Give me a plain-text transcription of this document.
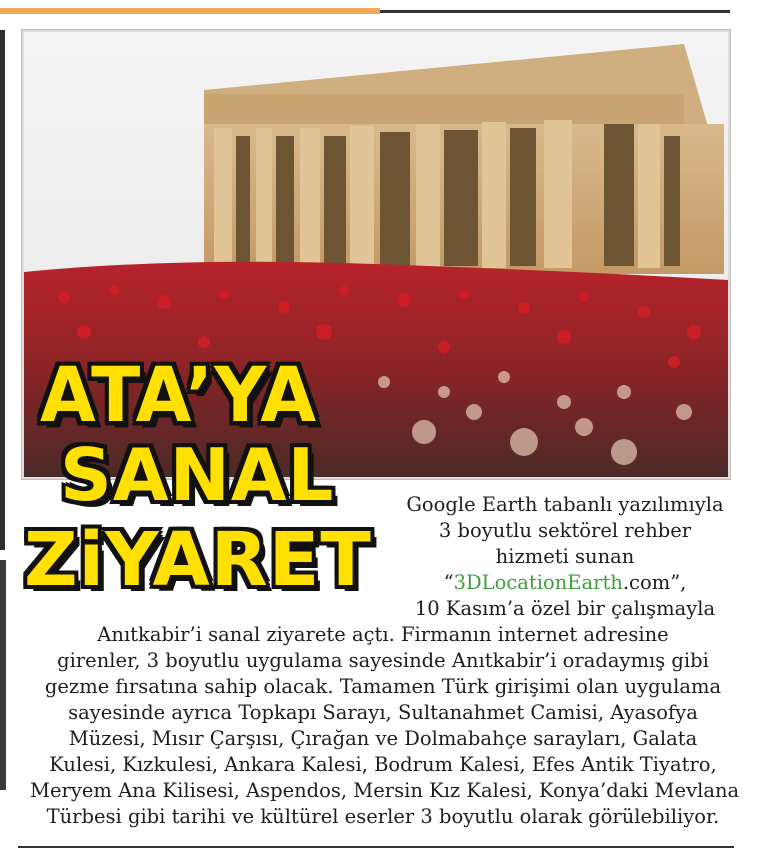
ATA’YA
SANAL
ZiYARET
Google Earth tabanlı yazılımıyla
3 boyutlu sektörel rehber
hizmeti sunan
“3DLocationEarth.com”,
10 Kasım’a özel bir çalışmayla
Anıtkabir’i sanal ziyarete açtı. Firmanın internet adresine
girenler, 3 boyutlu uygulama sayesinde Anıtkabir’i oradaymış gibi
gezme fırsatına sahip olacak. Tamamen Türk girişimi olan uygulama
sayesinde ayrıca Topkapı Sarayı, Sultanahmet Camisi, Ayasofya
Müzesi, Mısır Çarşısı, Çırağan ve Dolmabahçe sarayları, Galata
Kulesi, Kızkulesi, Ankara Kalesi, Bodrum Kalesi, Efes Antik Tiyatro,
Meryem Ana Kilisesi, Aspendos, Mersin Kız Kalesi, Konya’daki Mevlana
Türbesi gibi tarihi ve kültürel eserler 3 boyutlu olarak görülebiliyor.
